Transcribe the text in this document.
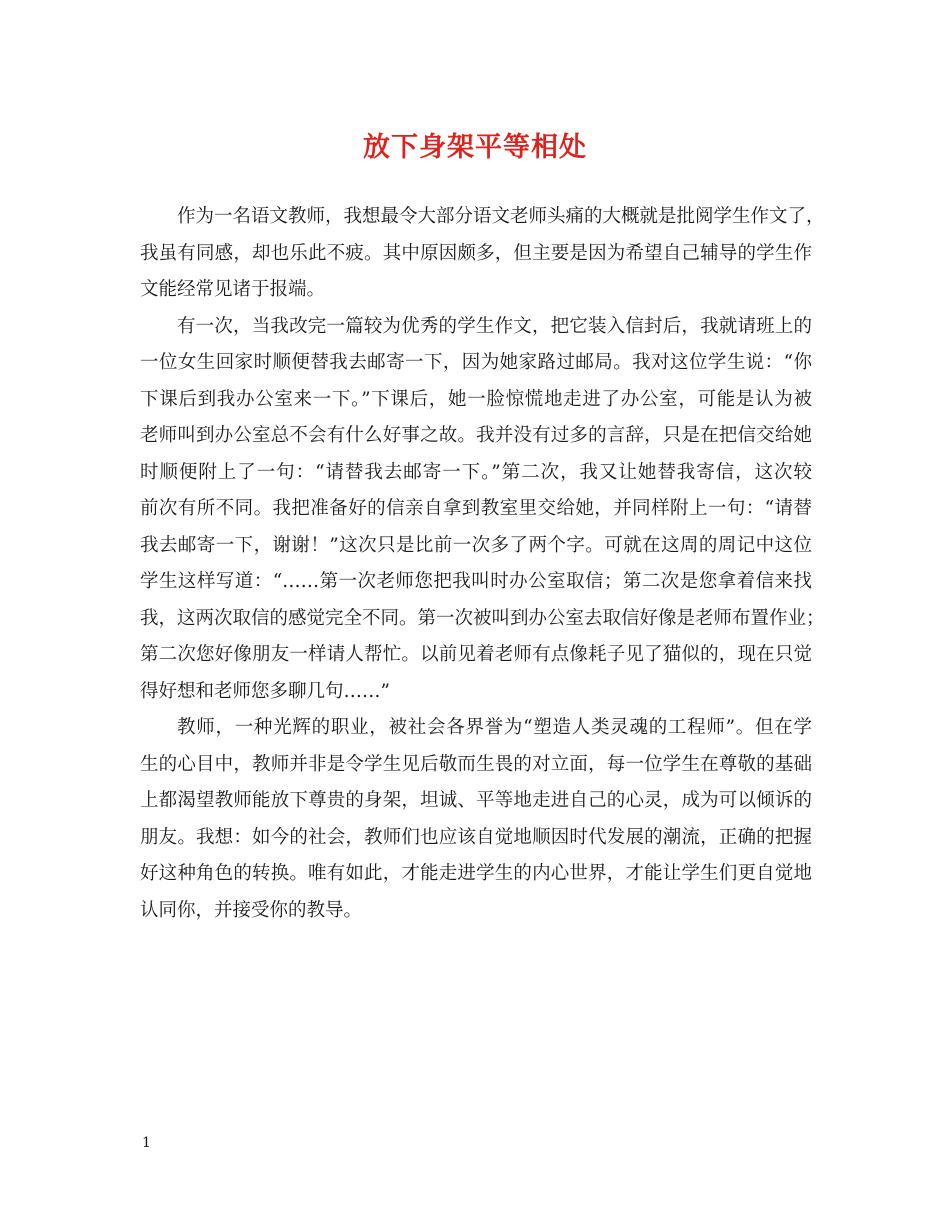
放下身架平等相处

作为一名语文教师，我想最令大部分语文老师头痛的大概就是批阅学生作文了，
我虽有同感，却也乐此不疲。其中原因颇多，但主要是因为希望自己辅导的学生作
文能经常见诸于报端。

有一次，当我改完一篇较为优秀的学生作文，把它装入信封后，我就请班上的
一位女生回家时顺便替我去邮寄一下，因为她家路过邮局。我对这位学生说：“你
下课后到我办公室来一下。”下课后，她一脸惊慌地走进了办公室，可能是认为被
老师叫到办公室总不会有什么好事之故。我并没有过多的言辞，只是在把信交给她
时顺便附上了一句：“请替我去邮寄一下。”第二次，我又让她替我寄信，这次较
前次有所不同。我把准备好的信亲自拿到教室里交给她，并同样附上一句：“请替
我去邮寄一下，谢谢！”这次只是比前一次多了两个字。可就在这周的周记中这位
学生这样写道：“……第一次老师您把我叫时办公室取信；第二次是您拿着信来找
我，这两次取信的感觉完全不同。第一次被叫到办公室去取信好像是老师布置作业；
第二次您好像朋友一样请人帮忙。以前见着老师有点像耗子见了猫似的，现在只觉
得好想和老师您多聊几句……”

教师，一种光辉的职业，被社会各界誉为“塑造人类灵魂的工程师”。但在学
生的心目中，教师并非是令学生见后敬而生畏的对立面，每一位学生在尊敬的基础
上都渴望教师能放下尊贵的身架，坦诚、平等地走进自己的心灵，成为可以倾诉的
朋友。我想：如今的社会，教师们也应该自觉地顺因时代发展的潮流，正确的把握
好这种角色的转换。唯有如此，才能走进学生的内心世界，才能让学生们更自觉地
认同你，并接受你的教导。

1
